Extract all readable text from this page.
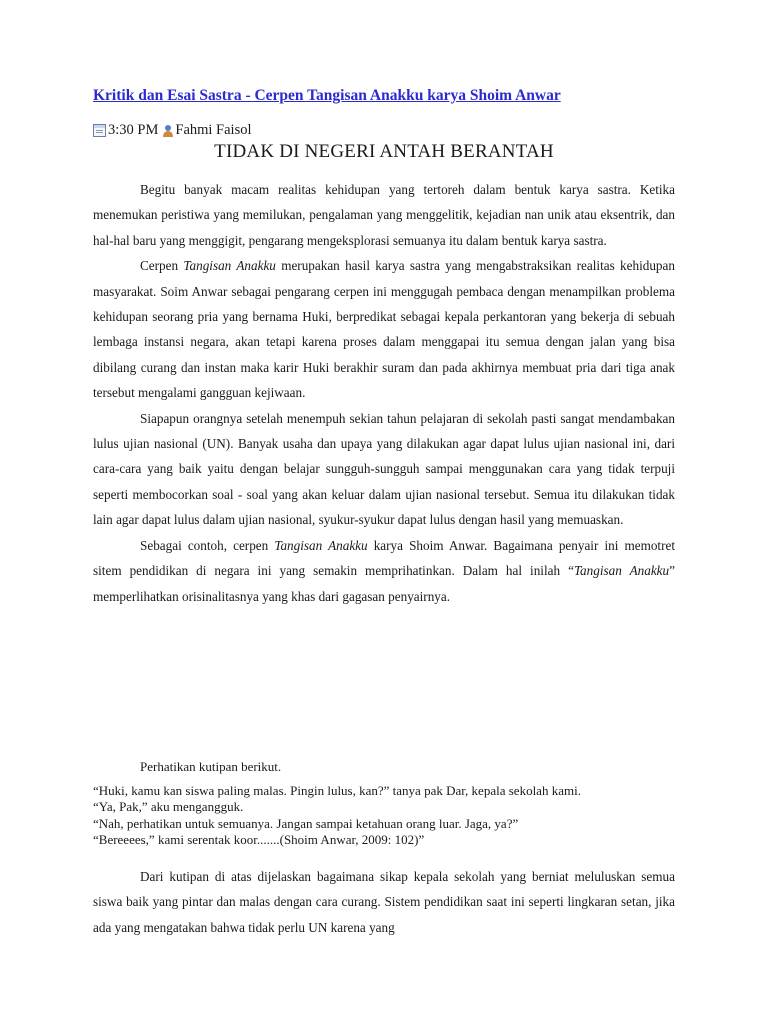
Kritik dan Esai Sastra - Cerpen Tangisan Anakku karya Shoim Anwar
3:30 PM Fahmi Faisol
TIDAK DI NEGERI ANTAH BERANTAH

Begitu banyak macam realitas kehidupan yang tertoreh dalam bentuk karya sastra. Ketika menemukan peristiwa yang memilukan, pengalaman yang menggelitik, kejadian nan unik atau eksentrik, dan hal-hal baru yang menggigit, pengarang mengeksplorasi semuanya itu dalam bentuk karya sastra.

Cerpen Tangisan Anakku merupakan hasil karya sastra yang mengabstraksikan realitas kehidupan masyarakat. Soim Anwar sebagai pengarang cerpen ini menggugah pembaca dengan menampilkan problema kehidupan seorang pria yang bernama Huki, berpredikat sebagai kepala perkantoran yang bekerja di sebuah lembaga instansi negara, akan tetapi karena proses dalam menggapai itu semua dengan jalan yang bisa dibilang curang dan instan maka karir Huki berakhir suram dan pada akhirnya membuat pria dari tiga anak tersebut mengalami gangguan kejiwaan.

Siapapun orangnya setelah menempuh sekian tahun pelajaran di sekolah pasti sangat mendambakan lulus ujian nasional (UN). Banyak usaha dan upaya yang dilakukan agar dapat lulus ujian nasional ini, dari cara-cara yang baik yaitu dengan belajar sungguh-sungguh sampai menggunakan cara yang tidak terpuji seperti membocorkan soal - soal yang akan keluar dalam ujian nasional tersebut. Semua itu dilakukan tidak lain agar dapat lulus dalam ujian nasional, syukur-syukur dapat lulus dengan hasil yang memuaskan.

Sebagai contoh, cerpen Tangisan Anakku karya Shoim Anwar. Bagaimana penyair ini memotret sitem pendidikan di negara ini yang semakin memprihatinkan. Dalam hal inilah “Tangisan Anakku” memperlihatkan orisinalitasnya yang khas dari gagasan penyairnya.

Perhatikan kutipan berikut.

“Huki, kamu kan siswa paling malas. Pingin lulus, kan?” tanya pak Dar, kepala sekolah kami.

“Ya, Pak,” aku mengangguk.

“Nah, perhatikan untuk semuanya. Jangan sampai ketahuan orang luar. Jaga, ya?”

“Bereeees,” kami serentak koor.......(Shoim Anwar, 2009: 102)”

Dari kutipan di atas dijelaskan bagaimana sikap kepala sekolah yang berniat meluluskan semua siswa baik yang pintar dan malas dengan cara curang. Sistem pendidikan saat ini seperti lingkaran setan, jika ada yang mengatakan bahwa tidak perlu UN karena yang
